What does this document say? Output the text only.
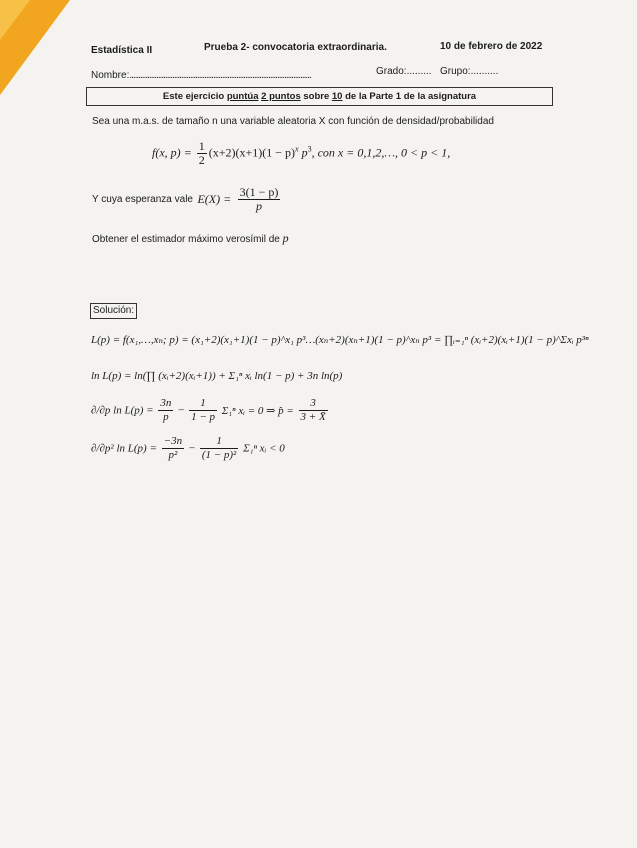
Estadística II	Prueba 2- convocatoria extraordinaria.	10 de febrero de 2022
Nombre:......................................................................................................	Grado:......... Grupo:..........
Este ejercicio puntúa 2 puntos sobre 10 de la Parte 1 de la asignatura
Sea una m.a.s. de tamaño n una variable aleatoria X con función de densidad/probabilidad
f(x, $p) = \frac{1}{2} (x+2)(x+1)(1 - p)^x$ $p^3$, con x = 0,1,2,…, 0 < p < 1,
Y cuya esperanza vale $E(X) = \frac{3(1 - p)}{p}$
Obtener el estimador máximo verosímil de p
Solución:
L(p) = f(x₁,…,xₙ; p) = (x₁+2)(x₁+1)(1 − p)^x₁ p³…(xₙ+2)(xₙ+1)(1 − p)^xₙ p³ = ∏ᵢ₌₁ⁿ (xᵢ+2)(xᵢ+1)(1 − p)^Σxᵢ p³ⁿ
ln L(p) = ln(∏ (xᵢ+2)(xᵢ+1)) + Σ₁ⁿ xᵢ ln(1 − p) + 3n ln(p)
∂/∂p $\ln L(p) = \frac{3n}{p} - \frac{1}{1 - p} \Sigma_1^n$ xᵢ = 0 ⇒ p̂ = $\frac{3}{3 + X̄}$
∂/∂p² $\ln L(p) = \frac{-3n}{\text{p²}} - \frac{1}{\text{(1 − p)²}} \Sigma_1^n$ xᵢ < 0
